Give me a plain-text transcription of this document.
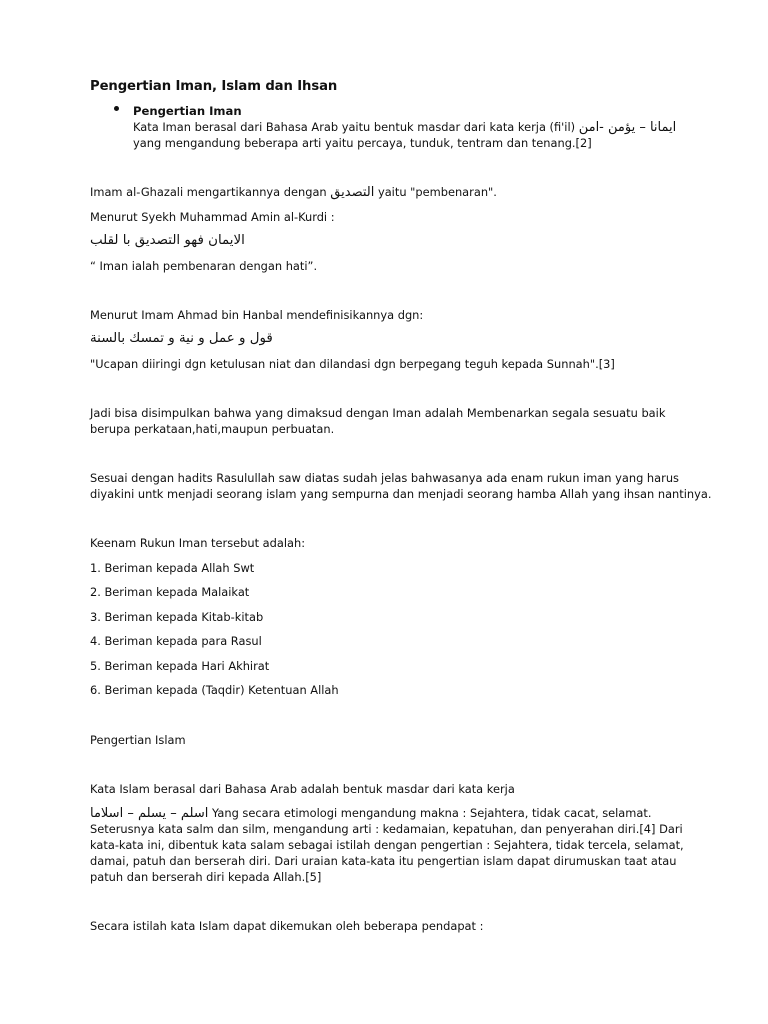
Pengertian Iman, Islam dan Ihsan

Pengertian Iman

Kata Iman berasal dari Bahasa Arab yaitu bentuk masdar dari kata kerja (fi'il) ايمانا – يؤمن -امن

yang mengandung beberapa arti yaitu percaya, tunduk, tentram dan tenang.[2]

Imam al-Ghazali mengartikannya dengan التصديق yaitu "pembenaran".

Menurut Syekh Muhammad Amin al-Kurdi :

الايمان فهو التصديق با لقلب

“ Iman ialah pembenaran dengan hati”.

Menurut Imam Ahmad bin Hanbal mendefinisikannya dgn:

قول و عمل و نية و تمسك بالسنة

"Ucapan diiringi dgn ketulusan niat dan dilandasi dgn berpegang teguh kepada Sunnah".[3]

Jadi bisa disimpulkan bahwa yang dimaksud dengan Iman adalah Membenarkan segala sesuatu baik

berupa perkataan,hati,maupun perbuatan.

Sesuai dengan hadits Rasulullah saw diatas sudah jelas bahwasanya ada enam rukun iman yang harus

diyakini untk menjadi seorang islam yang sempurna dan menjadi seorang hamba Allah yang ihsan nantinya.

Keenam Rukun Iman tersebut adalah:

1. Beriman kepada Allah Swt

2. Beriman kepada Malaikat

3. Beriman kepada Kitab-kitab

4. Beriman kepada para Rasul

5. Beriman kepada Hari Akhirat

6. Beriman kepada (Taqdir) Ketentuan Allah

Pengertian Islam

Kata Islam berasal dari Bahasa Arab adalah bentuk masdar dari kata kerja

اسلم – يسلم – اسلاما Yang secara etimologi mengandung makna : Sejahtera, tidak cacat, selamat.

Seterusnya kata salm dan silm, mengandung arti : kedamaian, kepatuhan, dan penyerahan diri.[4] Dari

kata-kata ini, dibentuk kata salam sebagai istilah dengan pengertian : Sejahtera, tidak tercela, selamat,

damai, patuh dan berserah diri. Dari uraian kata-kata itu pengertian islam dapat dirumuskan taat atau

patuh dan berserah diri kepada Allah.[5]

Secara istilah kata Islam dapat dikemukan oleh beberapa pendapat :
